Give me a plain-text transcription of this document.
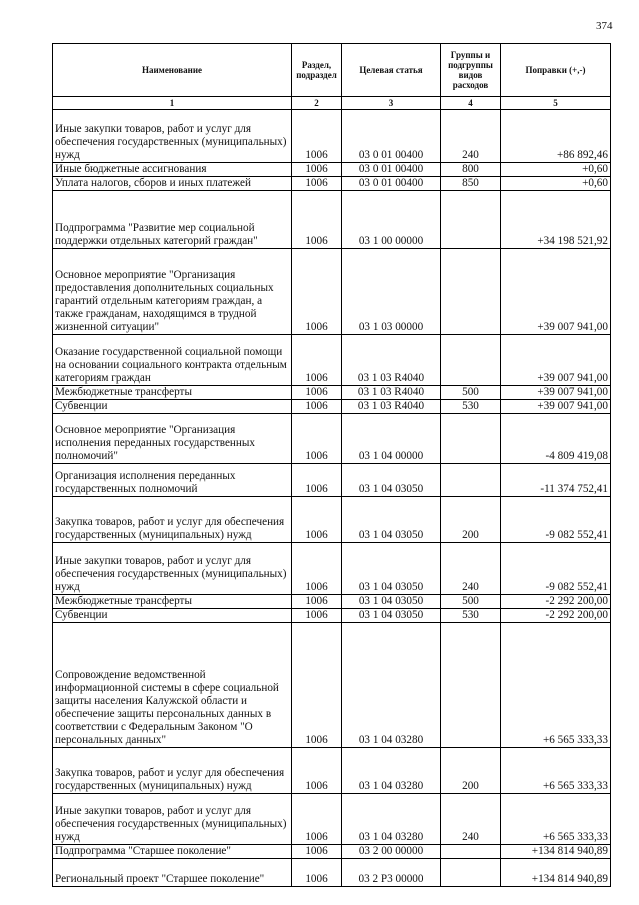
374
Наименование	Раздел, подраздел	Целевая статья	Группы и подгруппы видов расходов	Поправки (+,-)
1	2	3	4	5
Иные закупки товаров, работ и услуг для обеспечения государственных (муниципальных) нужд	1006	03 0 01 00400	240	+86 892,46
Иные бюджетные ассигнования	1006	03 0 01 00400	800	+0,60
Уплата налогов, сборов и иных платежей	1006	03 0 01 00400	850	+0,60
Подпрограмма "Развитие мер социальной поддержки отдельных категорий граждан"	1006	03 1 00 00000		+34 198 521,92
Основное мероприятие "Организация предоставления дополнительных социальных гарантий отдельным категориям граждан, а также гражданам, находящимся в трудной жизненной ситуации"	1006	03 1 03 00000		+39 007 941,00
Оказание государственной социальной помощи на основании социального контракта отдельным категориям граждан	1006	03 1 03 R4040		+39 007 941,00
Межбюджетные трансферты	1006	03 1 03 R4040	500	+39 007 941,00
Субвенции	1006	03 1 03 R4040	530	+39 007 941,00
Основное мероприятие "Организация исполнения переданных государственных полномочий"	1006	03 1 04 00000		-4 809 419,08
Организация исполнения переданных государственных полномочий	1006	03 1 04 03050		-11 374 752,41
Закупка товаров, работ и услуг для обеспечения государственных (муниципальных) нужд	1006	03 1 04 03050	200	-9 082 552,41
Иные закупки товаров, работ и услуг для обеспечения государственных (муниципальных) нужд	1006	03 1 04 03050	240	-9 082 552,41
Межбюджетные трансферты	1006	03 1 04 03050	500	-2 292 200,00
Субвенции	1006	03 1 04 03050	530	-2 292 200,00
Сопровождение ведомственной информационной системы в сфере социальной защиты населения Калужской области и обеспечение защиты персональных данных в соответствии с Федеральным Законом "О персональных данных"	1006	03 1 04 03280		+6 565 333,33
Закупка товаров, работ и услуг для обеспечения государственных (муниципальных) нужд	1006	03 1 04 03280	200	+6 565 333,33
Иные закупки товаров, работ и услуг для обеспечения государственных (муниципальных) нужд	1006	03 1 04 03280	240	+6 565 333,33
Подпрограмма "Старшее поколение"	1006	03 2 00 00000		+134 814 940,89
Региональный проект "Старшее поколение"	1006	03 2 P3 00000		+134 814 940,89
